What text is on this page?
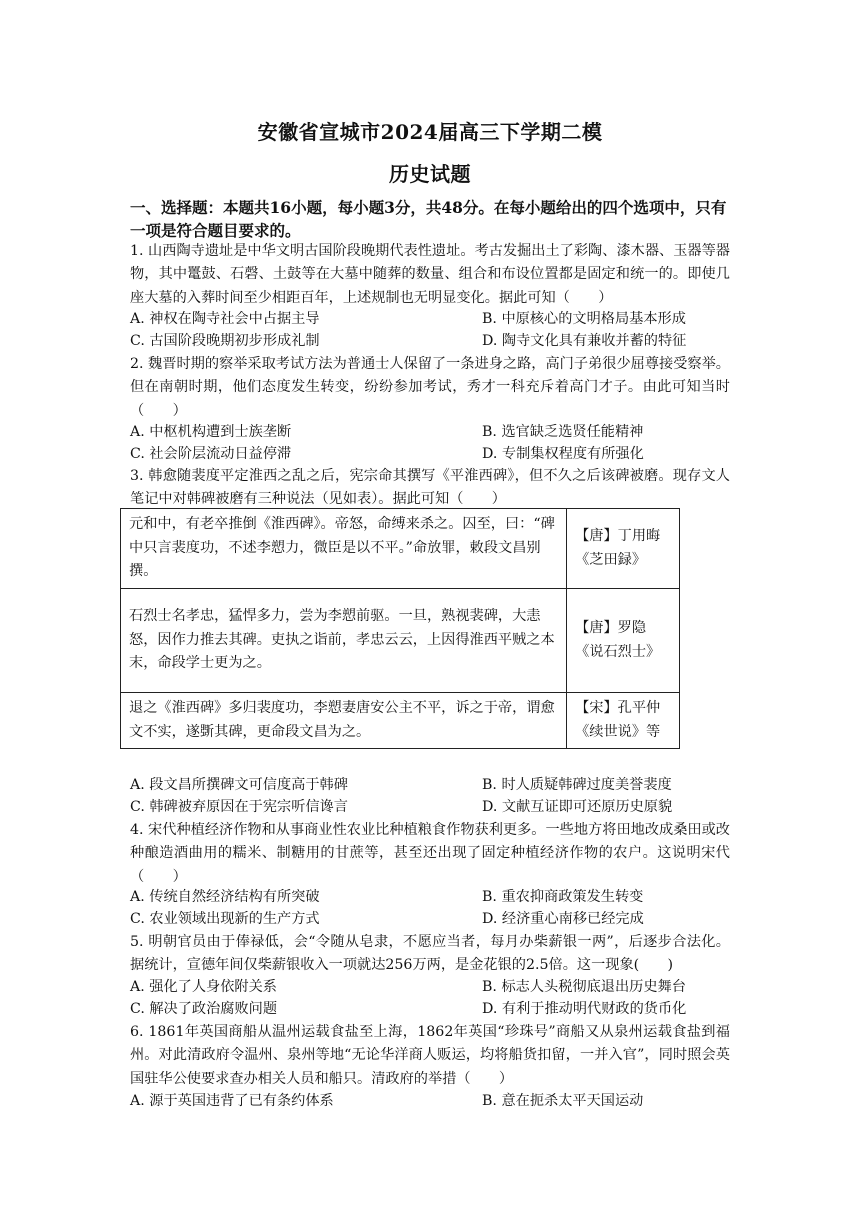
安徽省宣城市2024届高三下学期二模
历史试题
一、选择题：本题共16小题，每小题3分，共48分。在每小题给出的四个选项中，只有一项是符合题目要求的。
1. 山西陶寺遗址是中华文明古国阶段晚期代表性遗址。考古发掘出土了彩陶、漆木器、玉器等器物，其中鼍鼓、石磬、土鼓等在大墓中随葬的数量、组合和布设位置都是固定和统一的。即使几座大墓的入葬时间至少相距百年，上述规制也无明显变化。据此可知（　　）
A. 神权在陶寺社会中占据主导	B. 中原核心的文明格局基本形成
C. 古国阶段晚期初步形成礼制	D. 陶寺文化具有兼收并蓄的特征
2. 魏晋时期的察举采取考试方法为普通士人保留了一条进身之路，高门子弟很少屈尊接受察举。但在南朝时期，他们态度发生转变，纷纷参加考试，秀才一科充斥着高门才子。由此可知当时（　　）
A. 中枢机构遭到士族垄断	B. 选官缺乏选贤任能精神
C. 社会阶层流动日益停滞	D. 专制集权程度有所强化
3. 韩愈随裴度平定淮西之乱之后，宪宗命其撰写《平淮西碑》，但不久之后该碑被磨。现存文人笔记中对韩碑被磨有三种说法（见如表）。据此可知（　　）
元和中，有老卒推倒《淮西碑》。帝怒，命缚来杀之。囚至，曰：“碑中只言裴度功，不述李愬力，微臣是以不平。”命放罪，敕段文昌别撰。	【唐】丁用晦《芝田録》
石烈士名孝忠，猛悍多力，尝为李愬前驱。一旦，熟视裴碑，大恚怒，因作力推去其碑。吏执之诣前，孝忠云云，上因得淮西平贼之本末，命段学士更为之。	【唐】罗隐《说石烈士》
退之《淮西碑》多归裴度功，李愬妻唐安公主不平，诉之于帝，谓愈文不实，遂斲其碑，更命段文昌为之。	【宋】孔平仲《续世说》等
A. 段文昌所撰碑文可信度高于韩碑	B. 时人质疑韩碑过度美誉裴度
C. 韩碑被弃原因在于宪宗听信谗言	D. 文献互证即可还原历史原貌
4. 宋代种植经济作物和从事商业性农业比种植粮食作物获利更多。一些地方将田地改成桑田或改种酿造酒曲用的糯米、制糖用的甘蔗等，甚至还出现了固定种植经济作物的农户。这说明宋代（　　）
A. 传统自然经济结构有所突破	B. 重农抑商政策发生转变
C. 农业领域出现新的生产方式	D. 经济重心南移已经完成
5. 明朝官员由于俸禄低，会“令随从皂隶，不愿应当者，每月办柴薪银一两”，后逐步合法化。据统计，宣德年间仅柴薪银收入一项就达256万两，是金花银的2.5倍。这一现象(　　)
A. 强化了人身依附关系	B. 标志人头税彻底退出历史舞台
C. 解决了政治腐败问题	D. 有利于推动明代财政的货币化
6. 1861年英国商船从温州运载食盐至上海，1862年英国“珍珠号”商船又从泉州运载食盐到福州。对此清政府令温州、泉州等地“无论华洋商人贩运，均将船货扣留，一并入官”，同时照会英国驻华公使要求查办相关人员和船只。清政府的举措（　　）
A. 源于英国违背了已有条约体系	B. 意在扼杀太平天国运动
